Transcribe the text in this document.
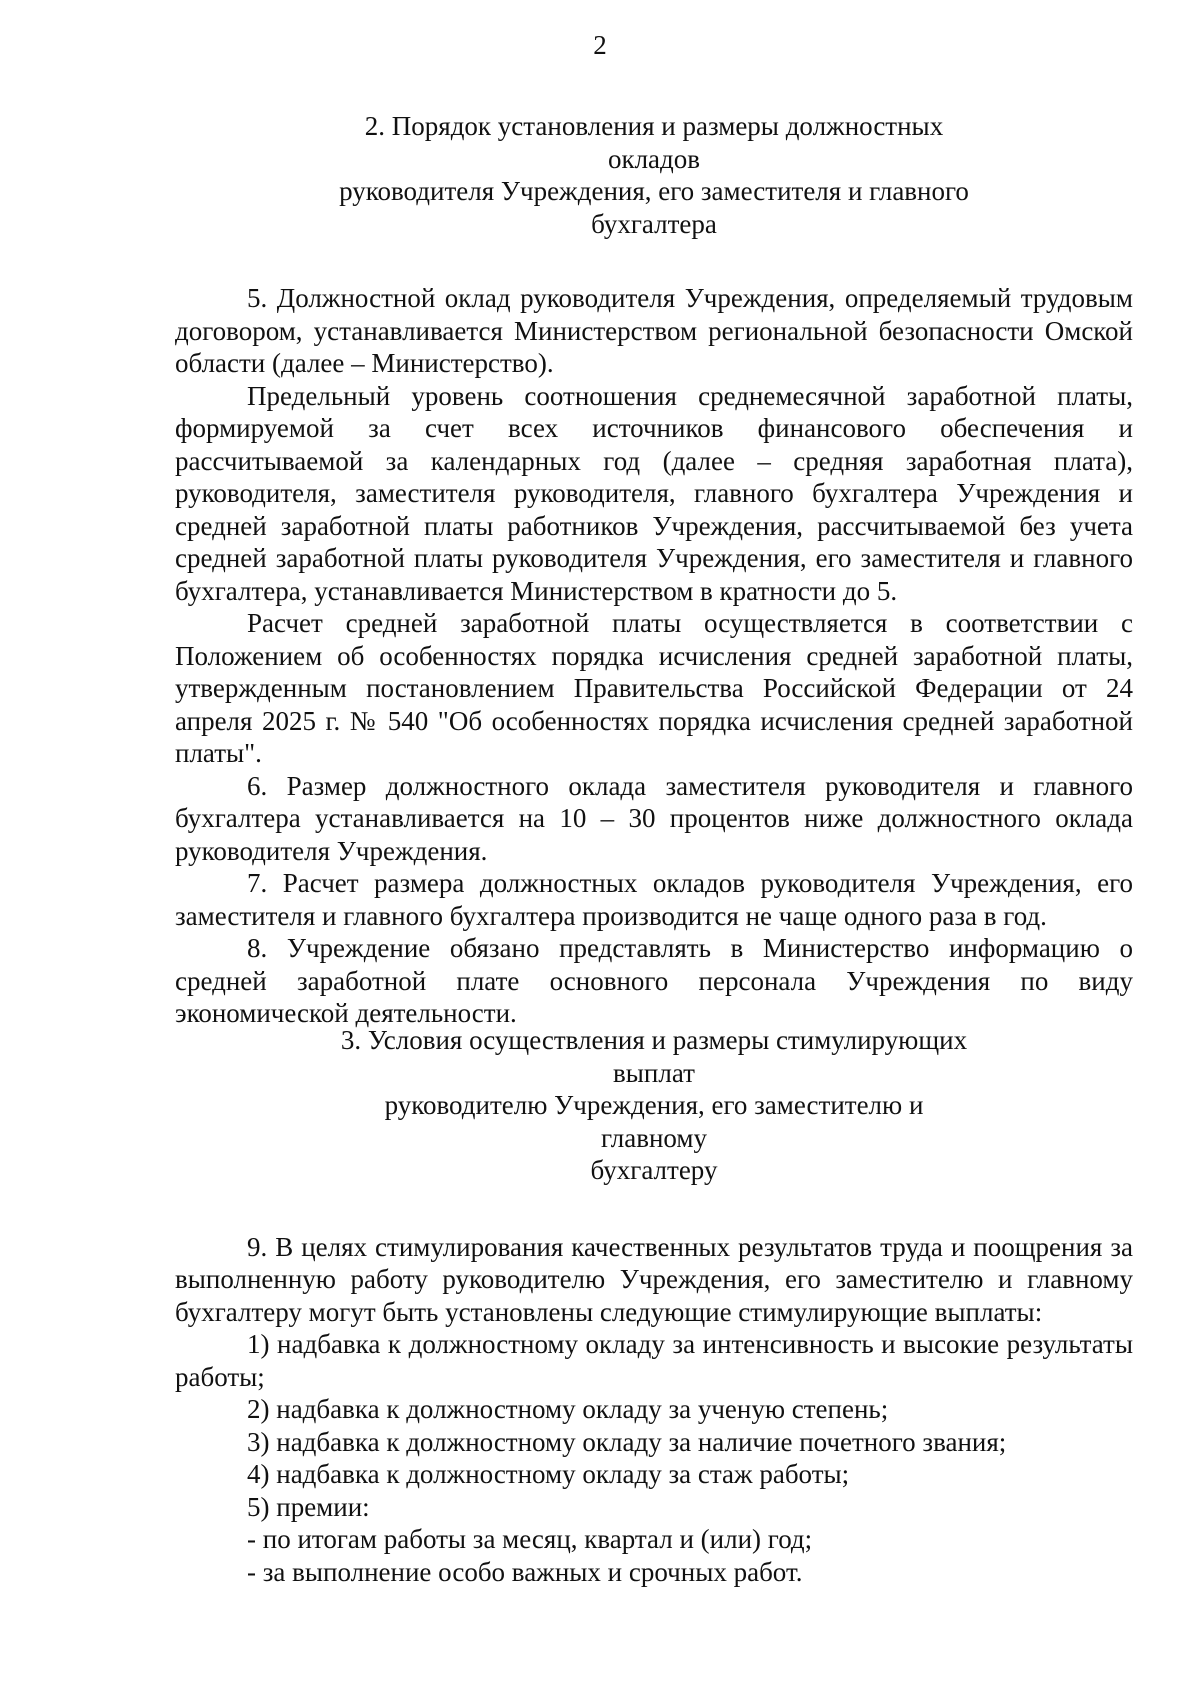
2
2. Порядок установления и размеры должностных окладов
руководителя Учреждения, его заместителя и главного
бухгалтера

5. Должностной оклад руководителя Учреждения, определяемый трудовым договором, устанавливается Министерством региональной безопасности Омской области (далее – Министерство).

Предельный уровень соотношения среднемесячной заработной платы, формируемой за счет всех источников финансового обеспечения и рассчитываемой за календарных год (далее – средняя заработная плата), руководителя, заместителя руководителя, главного бухгалтера Учреждения и средней заработной платы работников Учреждения, рассчитываемой без учета средней заработной платы руководителя Учреждения, его заместителя и главного бухгалтера, устанавливается Министерством в кратности до 5.

Расчет средней заработной платы осуществляется в соответствии с Положением об особенностях порядка исчисления средней заработной платы, утвержденным постановлением Правительства Российской Федерации от 24 апреля 2025 г. № 540 "Об особенностях порядка исчисления средней заработной платы".

6. Размер должностного оклада заместителя руководителя и главного бухгалтера устанавливается на 10 – 30 процентов ниже должностного оклада руководителя Учреждения.

7. Расчет размера должностных окладов руководителя Учреждения, его заместителя и главного бухгалтера производится не чаще одного раза в год.

8. Учреждение обязано представлять в Министерство информацию о средней заработной плате основного персонала Учреждения по виду экономической деятельности.

3. Условия осуществления и размеры стимулирующих выплат
руководителю Учреждения, его заместителю и главному
бухгалтеру

9. В целях стимулирования качественных результатов труда и поощрения за выполненную работу руководителю Учреждения, его заместителю и главному бухгалтеру могут быть установлены следующие стимулирующие выплаты:

1) надбавка к должностному окладу за интенсивность и высокие результаты работы;

2) надбавка к должностному окладу за ученую степень;

3) надбавка к должностному окладу за наличие почетного звания;

4) надбавка к должностному окладу за стаж работы;

5) премии:

- по итогам работы за месяц, квартал и (или) год;

- за выполнение особо важных и срочных работ.
